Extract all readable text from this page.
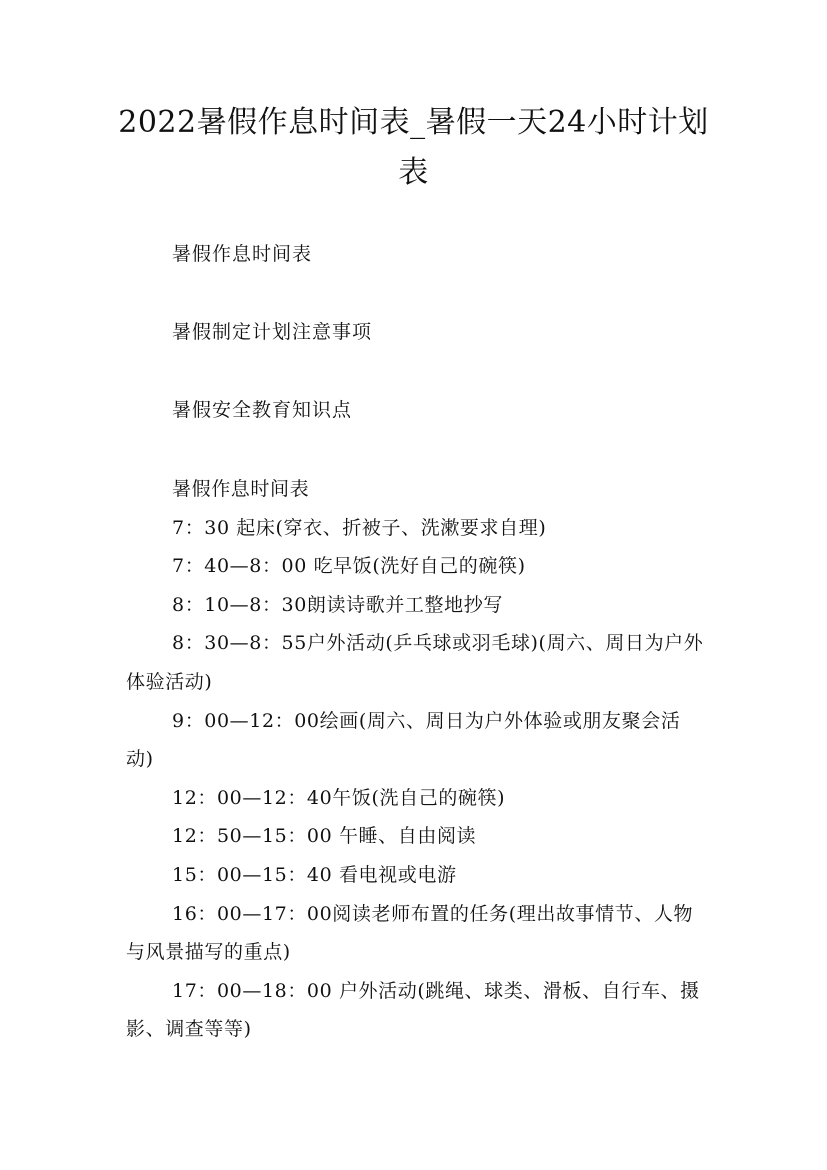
2022暑假作息时间表_暑假一天24小时计划表
暑假作息时间表
暑假制定计划注意事项
暑假安全教育知识点

暑假作息时间表

7：30 起床(穿衣、折被子、洗漱要求自理)

7：40—8：00 吃早饭(洗好自己的碗筷)

8：10—8：30朗读诗歌并工整地抄写

8：30—8：55户外活动(乒乓球或羽毛球)(周六、周日为户外体验活动)

9：00—12：00绘画(周六、周日为户外体验或朋友聚会活动)

12：00—12：40午饭(洗自己的碗筷)

12：50—15：00 午睡、自由阅读

15：00—15：40 看电视或电游

16：00—17：00阅读老师布置的任务(理出故事情节、人物与风景描写的重点)

17：00—18：00 户外活动(跳绳、球类、滑板、自行车、摄影、调查等等)
